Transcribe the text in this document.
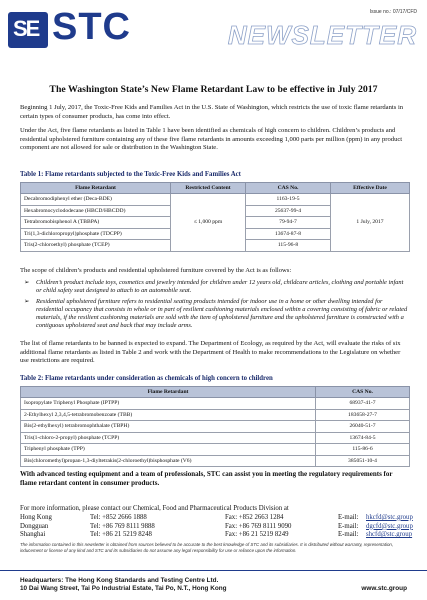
SE STC	Issue no.: 07/17/CFD
NEWSLETTER
The Washington State’s New Flame Retardant Law to be effective in July 2017
Beginning 1 July, 2017, the Toxic-Free Kids and Families Act in the U.S. State of Washington, which restricts the use of toxic flame retardants in certain types of consumer products, has come into effect.
Under the Act, five flame retardants as listed in Table 1 have been identified as chemicals of high concern to children. Children’s products and residential upholstered furniture containing any of these five flame retardants in amounts exceeding 1,000 parts per million (ppm) in any product component are not allowed for sale or distribution in the Washington State.
Table 1: Flame retardants subjected to the Toxic-Free Kids and Families Act
Flame Retardant	Restricted Content	CAS No.	Effective Date
Decabromodiphenyl ether (Deca-BDE)	≤ 1,000 ppm	1163-19-5	1 July, 2017
Hexabromocyclododecane (HBCD/HBCDD)		25637-99-4	
Tetrabromobisphenol A (TBBPA)		79-94-7	
Tri(1,3-dichloropropyl)phosphate (TDCPP)		13674-87-8	
Tris(2-chloroethyl) phosphate (TCEP)		115-96-8	
The scope of children’s products and residential upholstered furniture covered by the Act is as follows:
➢ Children’s product include toys, cosmetics and jewelry intended for children under 12 years old, childcare articles, clothing and portable infant or child safety seat designed to attach to an automobile seat.
➢ Residential upholstered furniture refers to residential seating products intended for indoor use in a home or other dwelling intended for residential occupancy that consists in whole or in part of resilient cushioning materials enclosed within a covering consisting of fabric or related materials, if the resilient cushioning materials are sold with the item of upholstered furniture and the upholstered furniture is constructed with a contiguous upholstered seat and back that may include arms.
The list of flame retardants to be banned is expected to expand. The Department of Ecology, as required by the Act, will evaluate the risks of six additional flame retardants as listed in Table 2 and work with the Department of Health to make recommendations to the Legislature on whether use restrictions are required.
Table 2: Flame retardants under consideration as chemicals of high concern to children
Flame Retardant	CAS No.
Isopropylate Triphenyl Phosphate (IPTPP)	68937-41-7
2-Ethylhexyl 2,3,4,5-tetrabromobenzoate (TBB)	183658-27-7
Bis(2-ethylhexyl) tetrabromophthalate (TBPH)	26040-51-7
Tris(1-chloro-2-propyl) phosphate (TCPP)	13674-84-5
Triphenyl phosphate (TPP)	115-86-6
Bis(chloromethyl)propan-1,3-diyltetrakis(2-chloroethyl)bisphosphate (V6)	385051-10-4
With advanced testing equipment and a team of professionals, STC can assist you in meeting the regulatory requirements for flame retardant content in consumer products.
For more information, please contact our Chemical, Food and Pharmaceutical Products Division at
Hong Kong	Tel: +852 2666 1888	Fax: +852 2663 1284	E-mail: hkcfd@stc.group
Dongguan	Tel: +86 769 8111 9888	Fax: +86 769 8111 9090	E-mail: dgcfd@stc.group
Shanghai	Tel: +86 21 5219 8248	Fax: +86 21 5219 8249	E-mail: shcfd@stc.group
The information contained in this newsletter is obtained from sources believed to be accurate to the best knowledge of STC and its subsidiaries. It is distributed without warranty, representation, inducement or license of any kind and STC and its subsidiaries do not assume any legal responsibility for use or reliance upon the information.
Headquarters: The Hong Kong Standards and Testing Centre Ltd.
10 Dai Wang Street, Tai Po Industrial Estate, Tai Po, N.T., Hong Kong	www.stc.group
